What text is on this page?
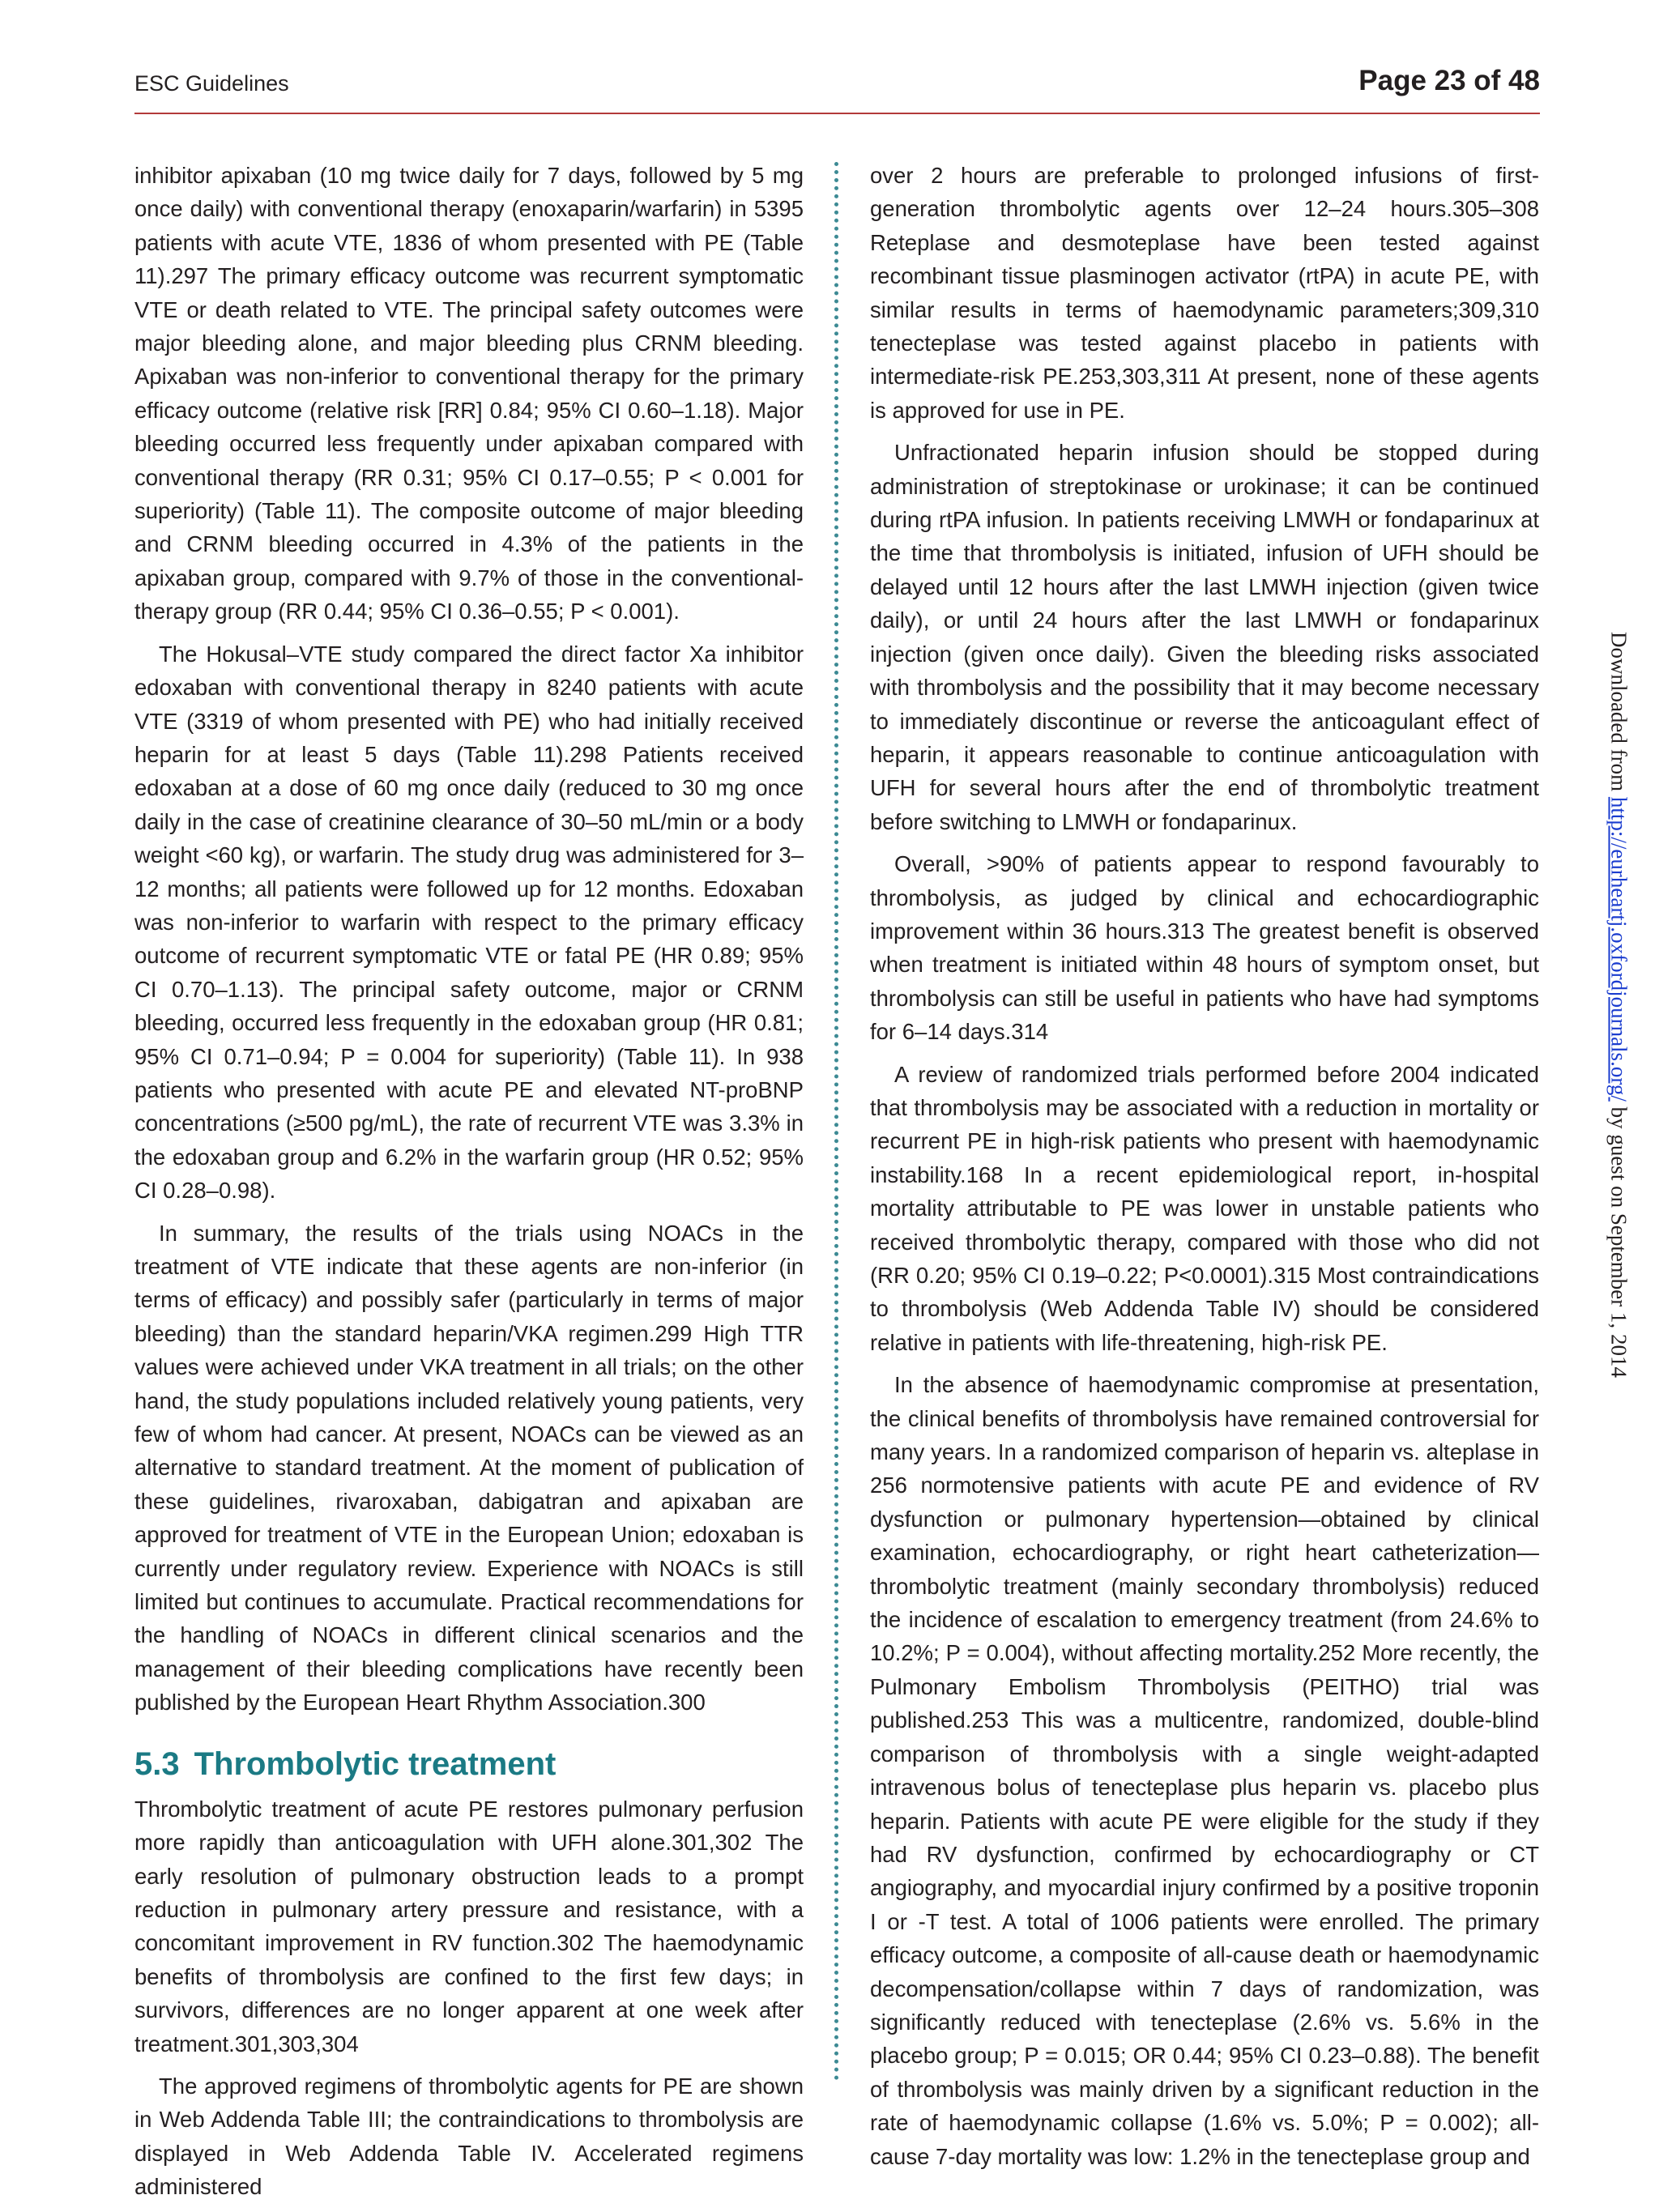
ESC Guidelines	Page 23 of 48

inhibitor apixaban (10 mg twice daily for 7 days, followed by 5 mg once daily) with conventional therapy (enoxaparin/warfarin) in 5395 patients with acute VTE, 1836 of whom presented with PE (Table 11).297 The primary efficacy outcome was recurrent symptomatic VTE or death related to VTE. The principal safety outcomes were major bleeding alone, and major bleeding plus CRNM bleeding. Apixaban was non-inferior to conventional therapy for the primary efficacy outcome (relative risk [RR] 0.84; 95% CI 0.60–1.18). Major bleeding occurred less frequently under apixaban compared with conventional therapy (RR 0.31; 95% CI 0.17–0.55; P < 0.001 for superiority) (Table 11). The composite outcome of major bleeding and CRNM bleeding occurred in 4.3% of the patients in the apixaban group, compared with 9.7% of those in the conventional-therapy group (RR 0.44; 95% CI 0.36–0.55; P < 0.001).

The Hokusal–VTE study compared the direct factor Xa inhibitor edoxaban with conventional therapy in 8240 patients with acute VTE (3319 of whom presented with PE) who had initially received heparin for at least 5 days (Table 11).298 Patients received edoxaban at a dose of 60 mg once daily (reduced to 30 mg once daily in the case of creatinine clearance of 30–50 mL/min or a body weight <60 kg), or warfarin. The study drug was administered for 3–12 months; all patients were followed up for 12 months. Edoxaban was non-inferior to warfarin with respect to the primary efficacy outcome of recurrent symptomatic VTE or fatal PE (HR 0.89; 95% CI 0.70–1.13). The principal safety outcome, major or CRNM bleeding, occurred less frequently in the edoxaban group (HR 0.81; 95% CI 0.71–0.94; P = 0.004 for superiority) (Table 11). In 938 patients who presented with acute PE and elevated NT-proBNP concentrations (≥500 pg/mL), the rate of recurrent VTE was 3.3% in the edoxaban group and 6.2% in the warfarin group (HR 0.52; 95% CI 0.28–0.98).

In summary, the results of the trials using NOACs in the treatment of VTE indicate that these agents are non-inferior (in terms of efficacy) and possibly safer (particularly in terms of major bleeding) than the standard heparin/VKA regimen.299 High TTR values were achieved under VKA treatment in all trials; on the other hand, the study populations included relatively young patients, very few of whom had cancer. At present, NOACs can be viewed as an alternative to standard treatment. At the moment of publication of these guidelines, rivaroxaban, dabigatran and apixaban are approved for treatment of VTE in the European Union; edoxaban is currently under regulatory review. Experience with NOACs is still limited but continues to accumulate. Practical recommendations for the handling of NOACs in different clinical scenarios and the management of their bleeding complications have recently been published by the European Heart Rhythm Association.300

5.3 Thrombolytic treatment

Thrombolytic treatment of acute PE restores pulmonary perfusion more rapidly than anticoagulation with UFH alone.301,302 The early resolution of pulmonary obstruction leads to a prompt reduction in pulmonary artery pressure and resistance, with a concomitant improvement in RV function.302 The haemodynamic benefits of thrombolysis are confined to the first few days; in survivors, differences are no longer apparent at one week after treatment.301,303,304

The approved regimens of thrombolytic agents for PE are shown in Web Addenda Table III; the contraindications to thrombolysis are displayed in Web Addenda Table IV. Accelerated regimens administered

over 2 hours are preferable to prolonged infusions of first-generation thrombolytic agents over 12–24 hours.305–308 Reteplase and desmoteplase have been tested against recombinant tissue plasminogen activator (rtPA) in acute PE, with similar results in terms of haemodynamic parameters;309,310 tenecteplase was tested against placebo in patients with intermediate-risk PE.253,303,311 At present, none of these agents is approved for use in PE.

Unfractionated heparin infusion should be stopped during administration of streptokinase or urokinase; it can be continued during rtPA infusion. In patients receiving LMWH or fondaparinux at the time that thrombolysis is initiated, infusion of UFH should be delayed until 12 hours after the last LMWH injection (given twice daily), or until 24 hours after the last LMWH or fondaparinux injection (given once daily). Given the bleeding risks associated with thrombolysis and the possibility that it may become necessary to immediately discontinue or reverse the anticoagulant effect of heparin, it appears reasonable to continue anticoagulation with UFH for several hours after the end of thrombolytic treatment before switching to LMWH or fondaparinux.

Overall, >90% of patients appear to respond favourably to thrombolysis, as judged by clinical and echocardiographic improvement within 36 hours.313 The greatest benefit is observed when treatment is initiated within 48 hours of symptom onset, but thrombolysis can still be useful in patients who have had symptoms for 6–14 days.314

A review of randomized trials performed before 2004 indicated that thrombolysis may be associated with a reduction in mortality or recurrent PE in high-risk patients who present with haemodynamic instability.168 In a recent epidemiological report, in-hospital mortality attributable to PE was lower in unstable patients who received thrombolytic therapy, compared with those who did not (RR 0.20; 95% CI 0.19–0.22; P<0.0001).315 Most contraindications to thrombolysis (Web Addenda Table IV) should be considered relative in patients with life-threatening, high-risk PE.

In the absence of haemodynamic compromise at presentation, the clinical benefits of thrombolysis have remained controversial for many years. In a randomized comparison of heparin vs. alteplase in 256 normotensive patients with acute PE and evidence of RV dysfunction or pulmonary hypertension—obtained by clinical examination, echocardiography, or right heart catheterization—thrombolytic treatment (mainly secondary thrombolysis) reduced the incidence of escalation to emergency treatment (from 24.6% to 10.2%; P = 0.004), without affecting mortality.252 More recently, the Pulmonary Embolism Thrombolysis (PEITHO) trial was published.253 This was a multicentre, randomized, double-blind comparison of thrombolysis with a single weight-adapted intravenous bolus of tenecteplase plus heparin vs. placebo plus heparin. Patients with acute PE were eligible for the study if they had RV dysfunction, confirmed by echocardiography or CT angiography, and myocardial injury confirmed by a positive troponin I or -T test. A total of 1006 patients were enrolled. The primary efficacy outcome, a composite of all-cause death or haemodynamic decompensation/collapse within 7 days of randomization, was significantly reduced with tenecteplase (2.6% vs. 5.6% in the placebo group; P = 0.015; OR 0.44; 95% CI 0.23–0.88). The benefit of thrombolysis was mainly driven by a significant reduction in the rate of haemodynamic collapse (1.6% vs. 5.0%; P = 0.002); all-cause 7-day mortality was low: 1.2% in the tenecteplase group and

Downloaded from http://eurheartj.oxfordjournals.org/ by guest on September 1, 2014
